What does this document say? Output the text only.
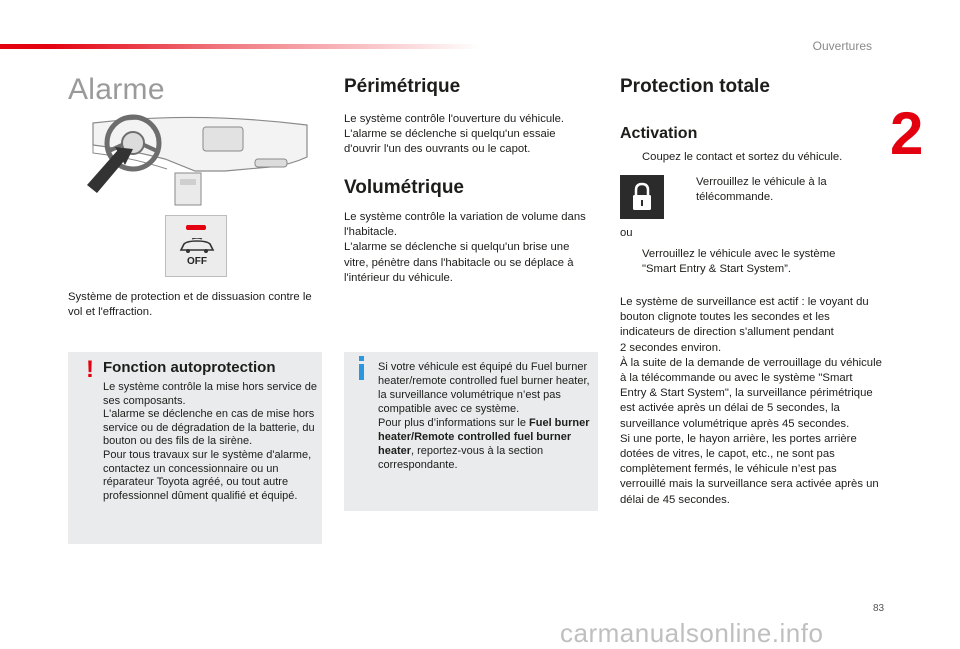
Ouvertures
2
Alarme
OFF
Système de protection et de dissuasion contre le vol et l'effraction.
! Fonction autoprotection
Le système contrôle la mise hors service de ses composants.
L'alarme se déclenche en cas de mise hors service ou de dégradation de la batterie, du bouton ou des fils de la sirène.
Pour tous travaux sur le système d'alarme, contactez un concessionnaire ou un réparateur Toyota agréé, ou tout autre professionnel dûment qualifié et équipé.
Périmétrique
Le système contrôle l'ouverture du véhicule.
L'alarme se déclenche si quelqu'un essaie d'ouvrir l'un des ouvrants ou le capot.
Volumétrique
Le système contrôle la variation de volume dans l'habitacle.
L'alarme se déclenche si quelqu'un brise une vitre, pénètre dans l'habitacle ou se déplace à l'intérieur du véhicule.
Si votre véhicule est équipé du Fuel burner heater/remote controlled fuel burner heater, la surveillance volumétrique n’est pas compatible avec ce système.
Pour plus d’informations sur le Fuel burner heater/Remote controlled fuel burner heater, reportez-vous à la section correspondante.
Protection totale
Activation
Coupez le contact et sortez du véhicule.
Verrouillez le véhicule à la télécommande.
ou
Verrouillez le véhicule avec le système "Smart Entry & Start System”.
Le système de surveillance est actif : le voyant du bouton clignote toutes les secondes et les indicateurs de direction s'allument pendant
2 secondes environ.
À la suite de la demande de verrouillage du véhicule à la télécommande ou avec le système "Smart Entry & Start System", la surveillance périmétrique est activée après un délai de 5 secondes, la surveillance volumétrique après 45 secondes.
Si une porte, le hayon arrière, les portes arrière dotées de vitres, le capot, etc., ne sont pas complètement fermés, le véhicule n’est pas verrouillé mais la surveillance sera activée après un délai de 45 secondes.
83
carmanualsonline.info
